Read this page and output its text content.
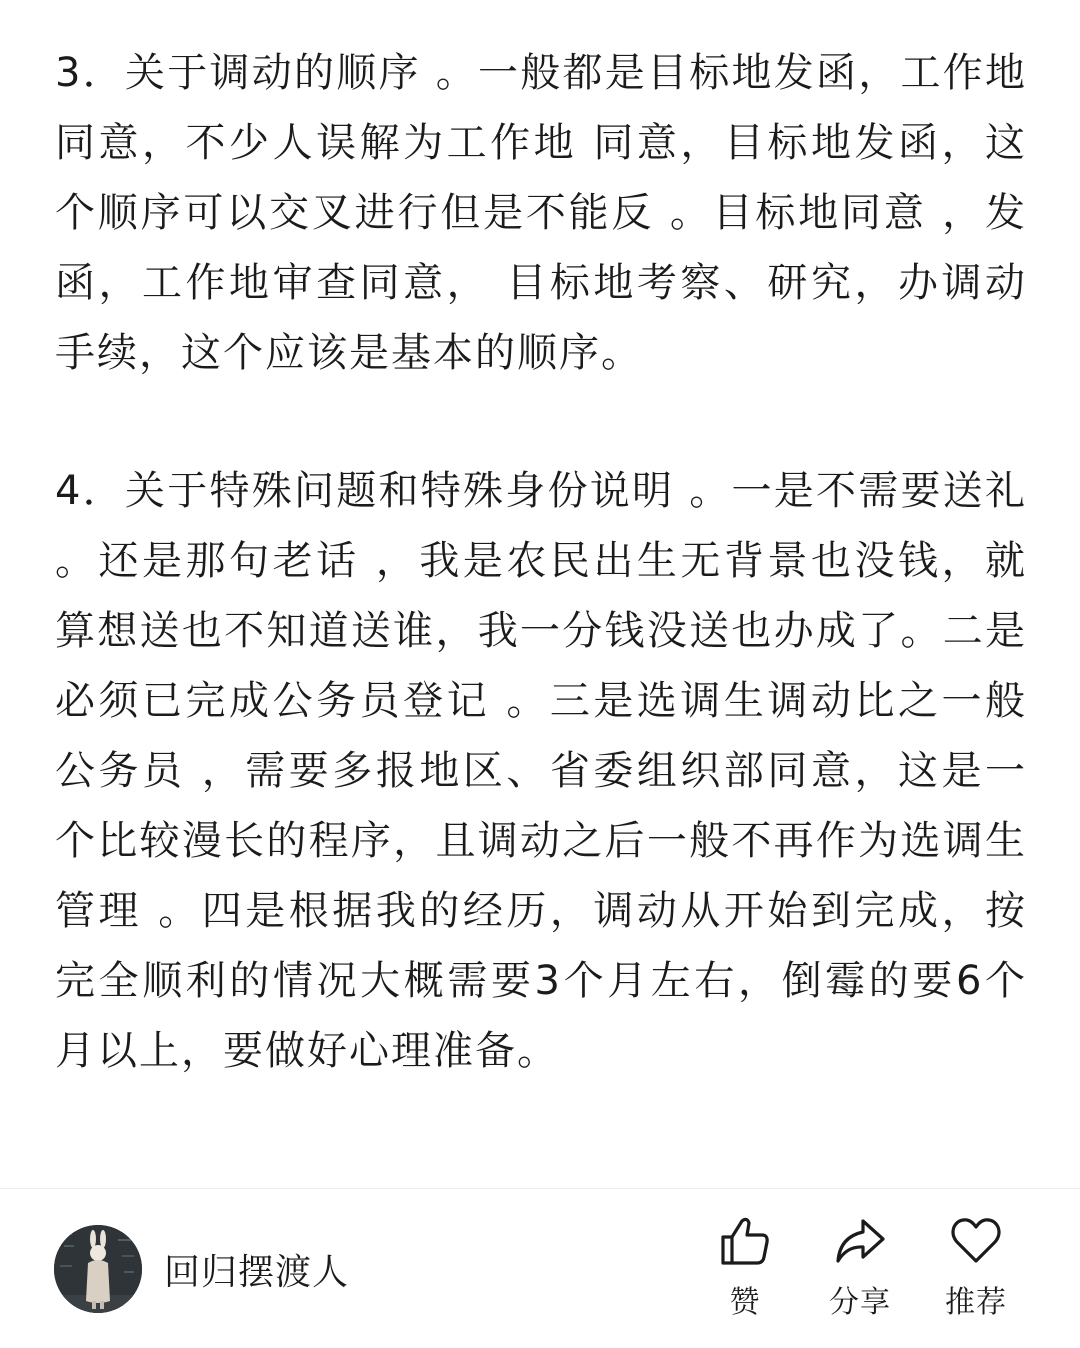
3．关于调动的顺序 。一般都是目标地发函，工作地同意，不少人误解为工作地 同意，目标地发函，这个顺序可以交叉进行但是不能反 。目标地同意 ，发函，工作地审查同意， 目标地考察、研究，办调动手续，这个应该是基本的顺序。

4．关于特殊问题和特殊身份说明 。一是不需要送礼 。还是那句老话 ，我是农民出生无背景也没钱，就算想送也不知道送谁，我一分钱没送也办成了。二是必须已完成公务员登记 。三是选调生调动比之一般公务员 ，需要多报地区、省委组织部同意，这是一个比较漫长的程序，且调动之后一般不再作为选调生管理 。四是根据我的经历，调动从开始到完成，按完全顺利的情况大概需要3个月左右，倒霉的要6个月以上，要做好心理准备。

回归摆渡人
赞 分享 推荐
